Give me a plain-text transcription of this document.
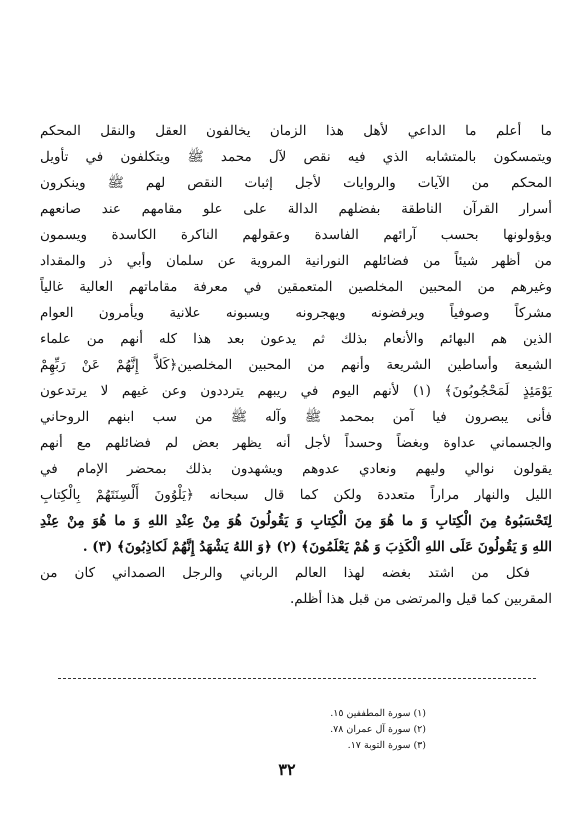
ما أعلم ما الداعي لأهل هذا الزمان يخالفون العقل والنقل المحكم
ويتمسكون بالمتشابه الذي فيه نقص لآل محمد ﷺ ويتكلفون في تأويل
المحكم من الآيات والروايات لأجل إثبات النقص لهم ﷺ وينكرون
أسرار القرآن الناطقة بفضلهم الدالة على علو مقامهم عند صانعهم
ويؤولونها بحسب آرائهم الفاسدة وعقولهم الناكرة الكاسدة ويسمون
من أظهر شيئاً من فضائلهم النورانية المروية عن سلمان وأبي ذر والمقداد
وغيرهم من المحبين المخلصين المتعمقين في معرفة مقاماتهم العالية غالياً
مشركاً وصوفياً ويرفضونه ويهجرونه ويسبونه علانية ويأمرون العوام
الذين هم البهائم والأنعام بذلك ثم يدعون بعد هذا كله أنهم من علماء
الشيعة وأساطين الشريعة وأنهم من المحبين المخلصين﴿كَلاَّ إِنَّهُمْ عَنْ رَبِّهِمْ
يَوْمَئِذٍ لَمَحْجُوبُونَ﴾ (١) لأنهم اليوم في ريبهم يترددون وعن غيهم لا يرتدعون
فأنى يبصرون فيا آمن بمحمد ﷺ وآله ﷺ من سب ابنهم الروحاني
والجسماني عداوة وبغضاً وحسداً لأجل أنه يظهر بعض لم فضائلهم مع أنهم
يقولون نوالي وليهم ونعادي عدوهم ويشهدون بذلك بمحضر الإمام في
الليل والنهار مراراً متعددة ولكن كما قال سبحانه ﴿يَلْوُونَ أَلْسِنَتَهُمْ بِالْكِتابِ
لِتَحْسَبُوهُ مِنَ الْكِتابِ وَ ما هُوَ مِنَ الْكِتابِ وَ يَقُولُونَ هُوَ مِنْ عِنْدِ اللهِ وَ ما هُوَ مِنْ عِنْدِ
اللهِ وَ يَقُولُونَ عَلَى اللهِ الْكَذِبَ وَ هُمْ يَعْلَمُونَ﴾ (٢) ﴿وَ اللهُ يَشْهَدُ إِنَّهُمْ لَكاذِبُونَ﴾ (٣) .
فكل من اشتد بغضه لهذا العالم الرباني والرجل الصمداني كان من
المقربين كما قيل والمرتضى من قبل هذا أظلم.
(١) سورة المطففين ١٥.
(٢) سورة آل عمران ٧٨.
(٣) سورة التوبة ١٧.
٣٢
